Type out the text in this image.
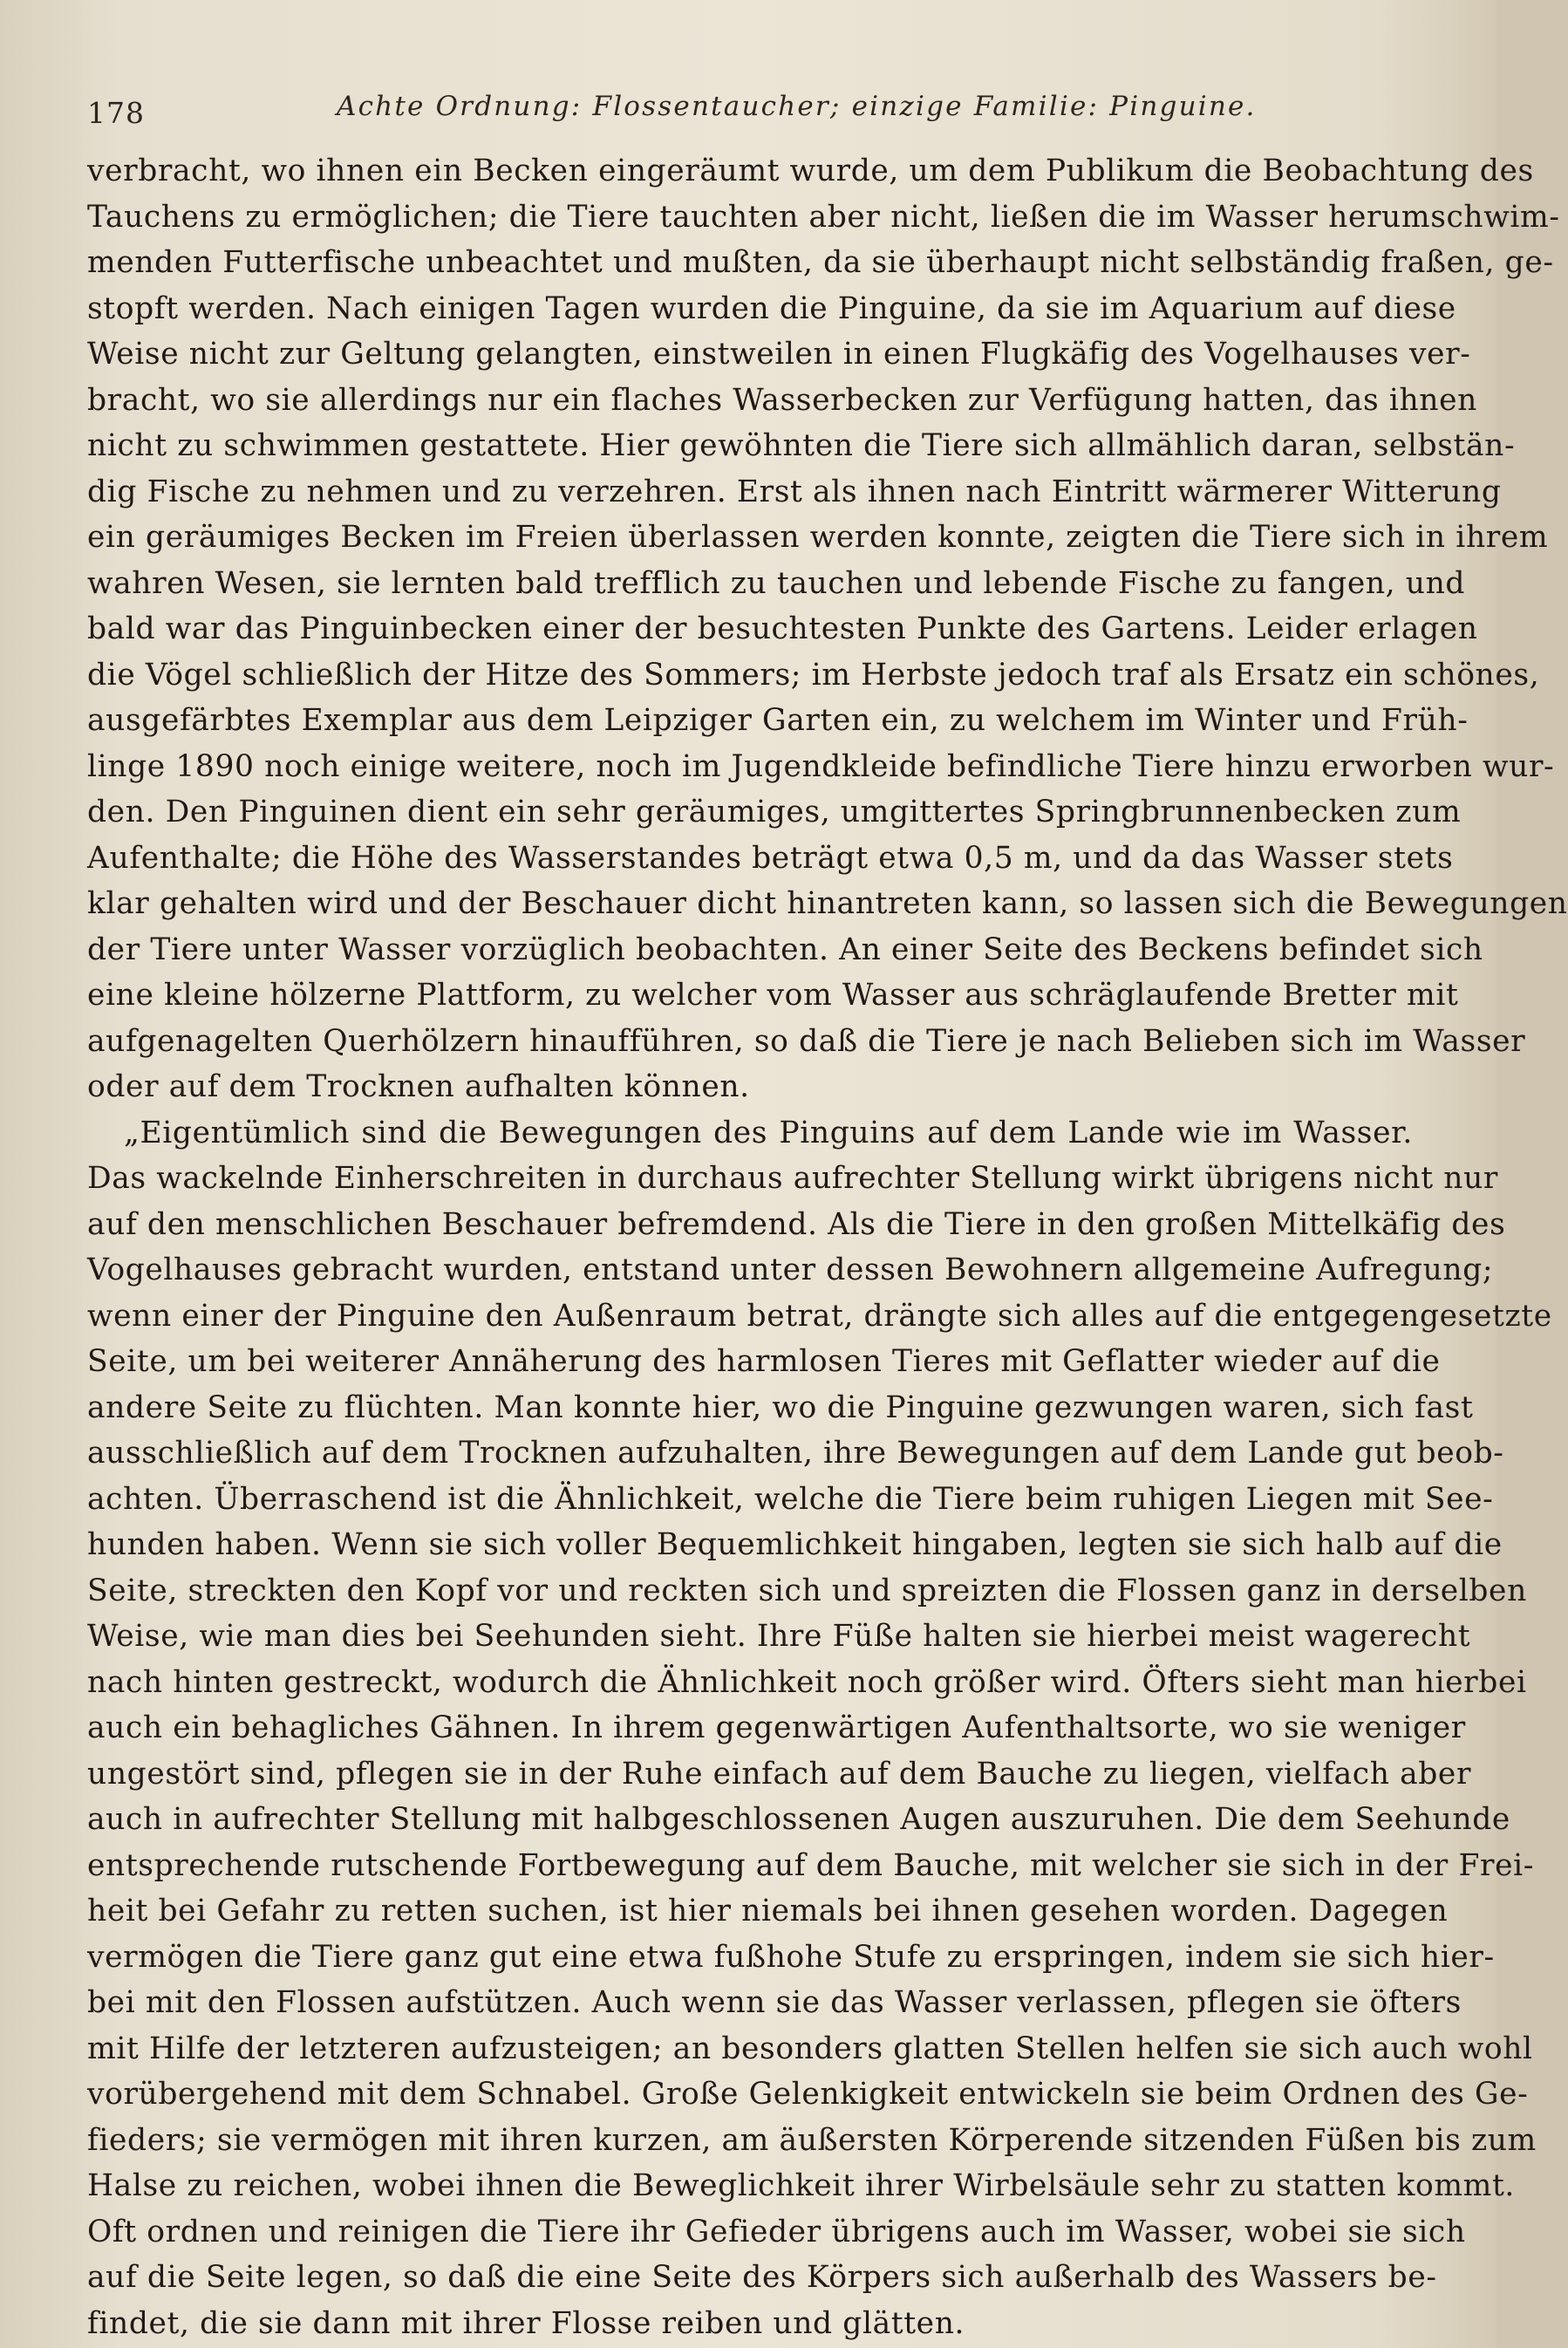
178	Achte Ordnung: Flossentaucher; einzige Familie: Pinguine.
verbracht, wo ihnen ein Becken eingeräumt wurde, um dem Publikum die Beobachtung des
Tauchens zu ermöglichen; die Tiere tauchten aber nicht, ließen die im Wasser herumschwim-
menden Futterfische unbeachtet und mußten, da sie überhaupt nicht selbständig fraßen, ge-
stopft werden. Nach einigen Tagen wurden die Pinguine, da sie im Aquarium auf diese
Weise nicht zur Geltung gelangten, einstweilen in einen Flugkäfig des Vogelhauses ver-
bracht, wo sie allerdings nur ein flaches Wasserbecken zur Verfügung hatten, das ihnen
nicht zu schwimmen gestattete. Hier gewöhnten die Tiere sich allmählich daran, selbstän-
dig Fische zu nehmen und zu verzehren. Erst als ihnen nach Eintritt wärmerer Witterung
ein geräumiges Becken im Freien überlassen werden konnte, zeigten die Tiere sich in ihrem
wahren Wesen, sie lernten bald trefflich zu tauchen und lebende Fische zu fangen, und
bald war das Pinguinbecken einer der besuchtesten Punkte des Gartens. Leider erlagen
die Vögel schließlich der Hitze des Sommers; im Herbste jedoch traf als Ersatz ein schönes,
ausgefärbtes Exemplar aus dem Leipziger Garten ein, zu welchem im Winter und Früh-
linge 1890 noch einige weitere, noch im Jugendkleide befindliche Tiere hinzu erworben wur-
den. Den Pinguinen dient ein sehr geräumiges, umgittertes Springbrunnenbecken zum
Aufenthalte; die Höhe des Wasserstandes beträgt etwa 0,5 m, und da das Wasser stets
klar gehalten wird und der Beschauer dicht hinantreten kann, so lassen sich die Bewegungen
der Tiere unter Wasser vorzüglich beobachten. An einer Seite des Beckens befindet sich
eine kleine hölzerne Plattform, zu welcher vom Wasser aus schräglaufende Bretter mit
aufgenagelten Querhölzern hinaufführen, so daß die Tiere je nach Belieben sich im Wasser
oder auf dem Trocknen aufhalten können.
„Eigentümlich sind die Bewegungen des Pinguins auf dem Lande wie im Wasser.
Das wackelnde Einherschreiten in durchaus aufrechter Stellung wirkt übrigens nicht nur
auf den menschlichen Beschauer befremdend. Als die Tiere in den großen Mittelkäfig des
Vogelhauses gebracht wurden, entstand unter dessen Bewohnern allgemeine Aufregung;
wenn einer der Pinguine den Außenraum betrat, drängte sich alles auf die entgegengesetzte
Seite, um bei weiterer Annäherung des harmlosen Tieres mit Geflatter wieder auf die
andere Seite zu flüchten. Man konnte hier, wo die Pinguine gezwungen waren, sich fast
ausschließlich auf dem Trocknen aufzuhalten, ihre Bewegungen auf dem Lande gut beob-
achten. Überraschend ist die Ähnlichkeit, welche die Tiere beim ruhigen Liegen mit See-
hunden haben. Wenn sie sich voller Bequemlichkeit hingaben, legten sie sich halb auf die
Seite, streckten den Kopf vor und reckten sich und spreizten die Flossen ganz in derselben
Weise, wie man dies bei Seehunden sieht. Ihre Füße halten sie hierbei meist wagerecht
nach hinten gestreckt, wodurch die Ähnlichkeit noch größer wird. Öfters sieht man hierbei
auch ein behagliches Gähnen. In ihrem gegenwärtigen Aufenthaltsorte, wo sie weniger
ungestört sind, pflegen sie in der Ruhe einfach auf dem Bauche zu liegen, vielfach aber
auch in aufrechter Stellung mit halbgeschlossenen Augen auszuruhen. Die dem Seehunde
entsprechende rutschende Fortbewegung auf dem Bauche, mit welcher sie sich in der Frei-
heit bei Gefahr zu retten suchen, ist hier niemals bei ihnen gesehen worden. Dagegen
vermögen die Tiere ganz gut eine etwa fußhohe Stufe zu erspringen, indem sie sich hier-
bei mit den Flossen aufstützen. Auch wenn sie das Wasser verlassen, pflegen sie öfters
mit Hilfe der letzteren aufzusteigen; an besonders glatten Stellen helfen sie sich auch wohl
vorübergehend mit dem Schnabel. Große Gelenkigkeit entwickeln sie beim Ordnen des Ge-
fieders; sie vermögen mit ihren kurzen, am äußersten Körperende sitzenden Füßen bis zum
Halse zu reichen, wobei ihnen die Beweglichkeit ihrer Wirbelsäule sehr zu statten kommt.
Oft ordnen und reinigen die Tiere ihr Gefieder übrigens auch im Wasser, wobei sie sich
auf die Seite legen, so daß die eine Seite des Körpers sich außerhalb des Wassers be-
findet, die sie dann mit ihrer Flosse reiben und glätten.
